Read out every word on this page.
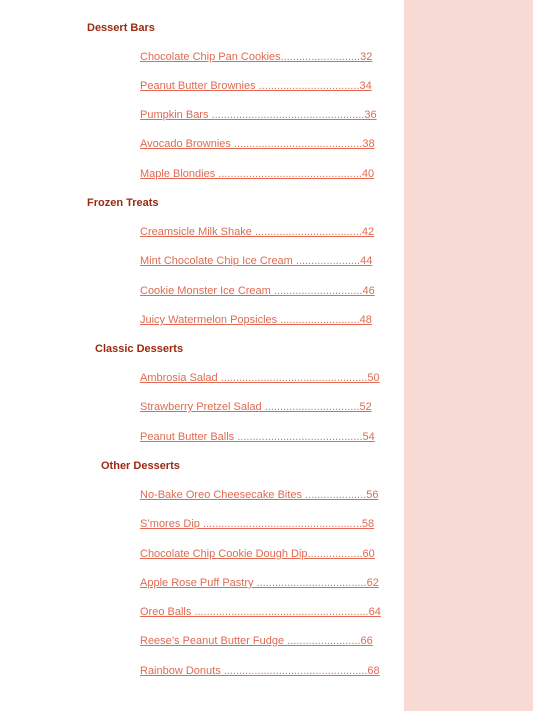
Dessert Bars
Chocolate Chip Pan Cookies..........................32
Peanut Butter Brownies .................................34
Pumpkin Bars ..................................................36
Avocado Brownies ..........................................38
Maple Blondies ...............................................40
Frozen Treats
Creamsicle Milk Shake ...................................42
Mint Chocolate Chip Ice Cream .....................44
Cookie Monster Ice Cream .............................46
Juicy Watermelon Popsicles ..........................48
Classic Desserts
Ambrosia Salad ................................................50
Strawberry Pretzel Salad ...............................52
Peanut Butter Balls .........................................54
Other Desserts
No-Bake Oreo Cheesecake Bites ....................56
S’mores Dip ....................................................58
Chocolate Chip Cookie Dough Dip..................60
Apple Rose Puff Pastry ....................................62
Oreo Balls .........................................................64
Reese’s Peanut Butter Fudge ........................66
Rainbow Donuts ...............................................68
